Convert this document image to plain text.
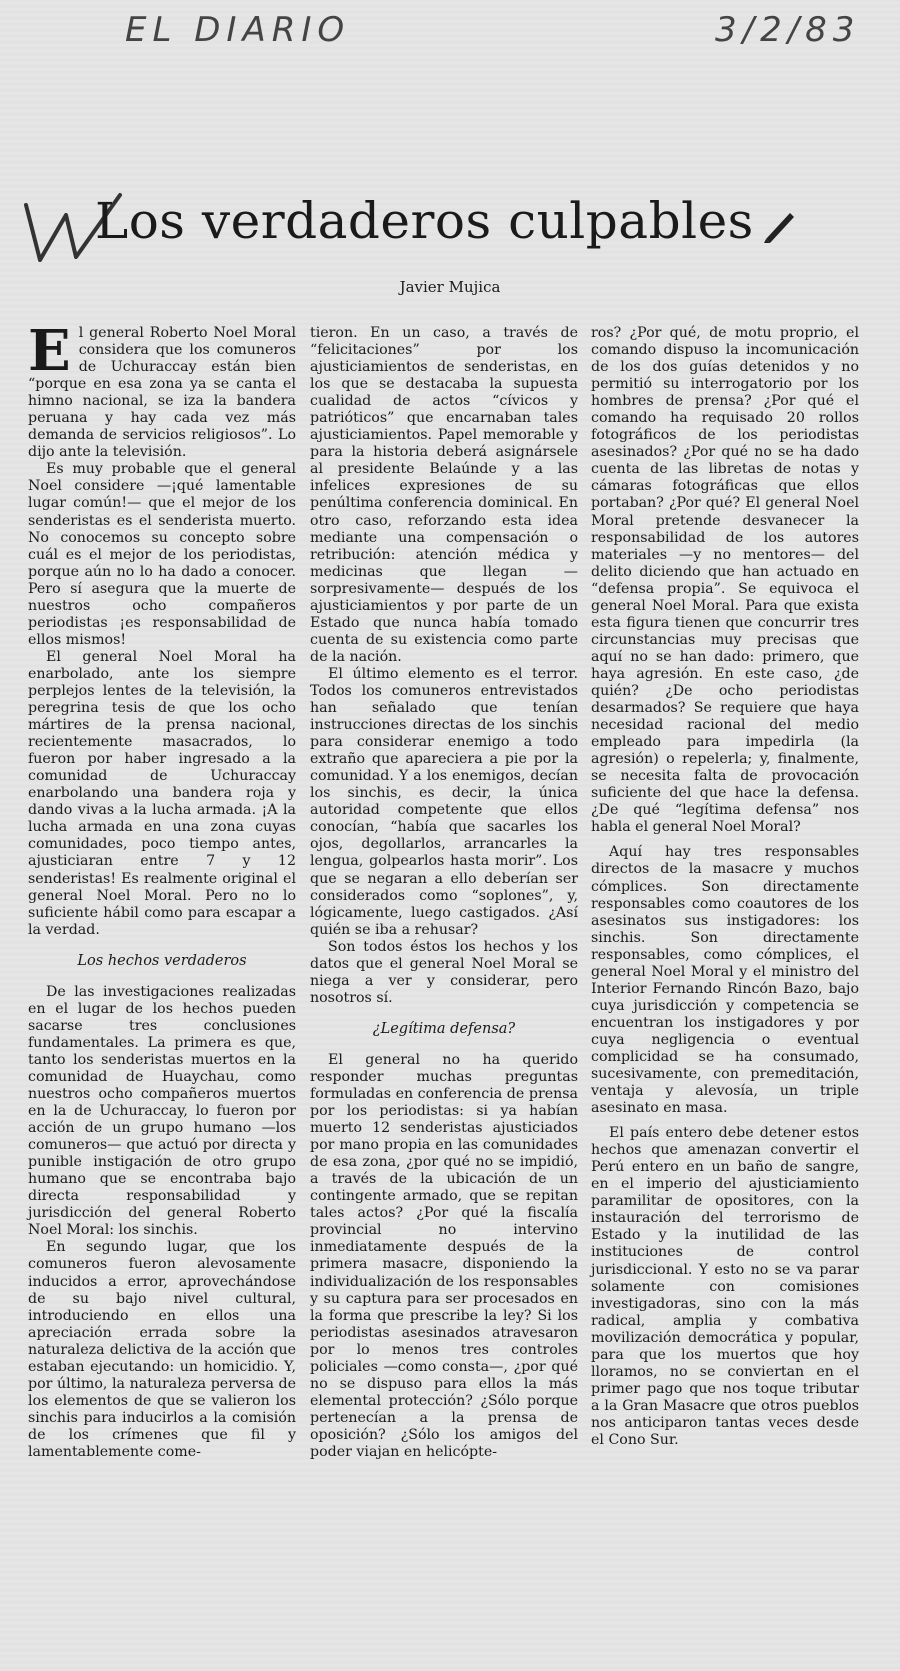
EL DIARIO	3/2/83
Los verdaderos culpables
Javier Mujica

El general Roberto Noel Moral considera que los comuneros de Uchuraccay están bien “porque en esa zona ya se canta el himno nacional, se iza la bandera peruana y hay cada vez más demanda de servicios religiosos”. Lo dijo ante la televisión.

Es muy probable que el general Noel considere —¡qué lamentable lugar común!— que el mejor de los senderistas es el senderista muerto. No conocemos su concepto sobre cuál es el mejor de los periodistas, porque aún no lo ha dado a conocer. Pero sí asegura que la muerte de nuestros ocho compañeros periodistas ¡es responsabilidad de ellos mismos!

El general Noel Moral ha enarbolado, ante los siempre perplejos lentes de la televisión, la peregrina tesis de que los ocho mártires de la prensa nacional, recientemente masacrados, lo fueron por haber ingresado a la comunidad de Uchuraccay enarbolando una bandera roja y dando vivas a la lucha armada. ¡A la lucha armada en una zona cuyas comunidades, poco tiempo antes, ajusticiaran entre 7 y 12 senderistas! Es realmente original el general Noel Moral. Pero no lo suficiente hábil como para escapar a la verdad.

Los hechos verdaderos

De las investigaciones realizadas en el lugar de los hechos pueden sacarse tres conclusiones fundamentales. La primera es que, tanto los senderistas muertos en la comunidad de Huaychau, como nuestros ocho compañeros muertos en la de Uchuraccay, lo fueron por acción de un grupo humano —los comuneros— que actuó por directa y punible instigación de otro grupo humano que se encontraba bajo directa responsabilidad y jurisdicción del general Roberto Noel Moral: los sinchis.

En segundo lugar, que los comuneros fueron alevosamente inducidos a error, aprovechándose de su bajo nivel cultural, introduciendo en ellos una apreciación errada sobre la naturaleza delictiva de la acción que estaban ejecutando: un homicidio. Y, por último, la naturaleza perversa de los elementos de que se valieron los sinchis para inducirlos a la comisión de los crímenes que fil y lamentablemente come-

tieron. En un caso, a través de “felicitaciones” por los ajusticiamientos de senderistas, en los que se destacaba la supuesta cualidad de actos “cívicos y patrióticos” que encarnaban tales ajusticiamientos. Papel memorable y para la historia deberá asignársele al presidente Belaúnde y a las infelices expresiones de su penúltima conferencia dominical. En otro caso, reforzando esta idea mediante una compensación o retribución: atención médica y medicinas que llegan —sorpresivamente— después de los ajusticiamientos y por parte de un Estado que nunca había tomado cuenta de su existencia como parte de la nación.

El último elemento es el terror. Todos los comuneros entrevistados han señalado que tenían instrucciones directas de los sinchis para considerar enemigo a todo extraño que apareciera a pie por la comunidad. Y a los enemigos, decían los sinchis, es decir, la única autoridad competente que ellos conocían, “había que sacarles los ojos, degollarlos, arrancarles la lengua, golpearlos hasta morir”. Los que se negaran a ello deberían ser considerados como “soplones”, y, lógicamente, luego castigados. ¿Así quién se iba a rehusar?

Son todos éstos los hechos y los datos que el general Noel Moral se niega a ver y considerar, pero nosotros sí.

¿Legítima defensa?

El general no ha querido responder muchas preguntas formuladas en conferencia de prensa por los periodistas: si ya habían muerto 12 senderistas ajusticiados por mano propia en las comunidades de esa zona, ¿por qué no se impidió, a través de la ubicación de un contingente armado, que se repitan tales actos? ¿Por qué la fiscalía provincial no intervino inmediatamente después de la primera masacre, disponiendo la individualización de los responsables y su captura para ser procesados en la forma que prescribe la ley? Si los periodistas asesinados atravesaron por lo menos tres controles policiales —como consta—, ¿por qué no se dispuso para ellos la más elemental protección? ¿Sólo porque pertenecían a la prensa de oposición? ¿Sólo los amigos del poder viajan en helicópte-

ros? ¿Por qué, de motu proprio, el comando dispuso la incomunicación de los dos guías detenidos y no permitió su interrogatorio por los hombres de prensa? ¿Por qué el comando ha requisado 20 rollos fotográficos de los periodistas asesinados? ¿Por qué no se ha dado cuenta de las libretas de notas y cámaras fotográficas que ellos portaban? ¿Por qué? El general Noel Moral pretende desvanecer la responsabilidad de los autores materiales —y no mentores— del delito diciendo que han actuado en “defensa propia”. Se equivoca el general Noel Moral. Para que exista esta figura tienen que concurrir tres circunstancias muy precisas que aquí no se han dado: primero, que haya agresión. En este caso, ¿de quién? ¿De ocho periodistas desarmados? Se requiere que haya necesidad racional del medio empleado para impedirla (la agresión) o repelerla; y, finalmente, se necesita falta de provocación suficiente del que hace la defensa. ¿De qué “legítima defensa” nos habla el general Noel Moral?

Aquí hay tres responsables directos de la masacre y muchos cómplices. Son directamente responsables como coautores de los asesinatos sus instigadores: los sinchis. Son directamente responsables, como cómplices, el general Noel Moral y el ministro del Interior Fernando Rincón Bazo, bajo cuya jurisdicción y competencia se encuentran los instigadores y por cuya negligencia o eventual complicidad se ha consumado, sucesivamente, con premeditación, ventaja y alevosía, un triple asesinato en masa.

El país entero debe detener estos hechos que amenazan convertir el Perú entero en un baño de sangre, en el imperio del ajusticiamiento paramilitar de opositores, con la instauración del terrorismo de Estado y la inutilidad de las instituciones de control jurisdiccional. Y esto no se va parar solamente con comisiones investigadoras, sino con la más radical, amplia y combativa movilización democrática y popular, para que los muertos que hoy lloramos, no se conviertan en el primer pago que nos toque tributar a la Gran Masacre que otros pueblos nos anticiparon tantas veces desde el Cono Sur.
